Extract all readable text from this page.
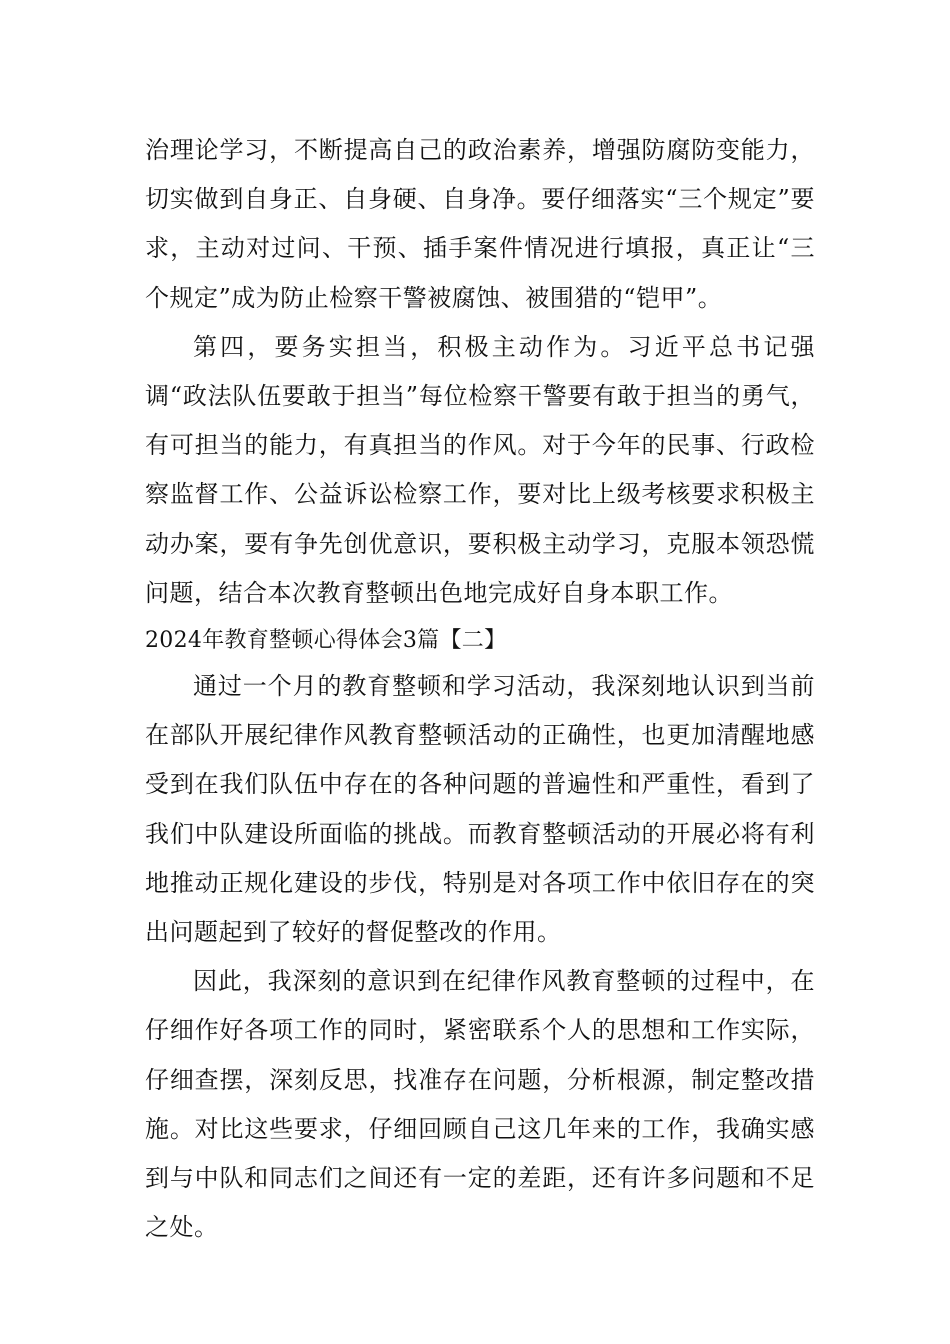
治理论学习，不断提高自己的政治素养，增强防腐防变能力，切实做到自身正、自身硬、自身净。要仔细落实“三个规定”要求，主动对过问、干预、插手案件情况进行填报，真正让“三个规定”成为防止检察干警被腐蚀、被围猎的“铠甲”。

第四，要务实担当，积极主动作为。习近平总书记强调“政法队伍要敢于担当”每位检察干警要有敢于担当的勇气，有可担当的能力，有真担当的作风。对于今年的民事、行政检察监督工作、公益诉讼检察工作，要对比上级考核要求积极主动办案，要有争先创优意识，要积极主动学习，克服本领恐慌问题，结合本次教育整顿出色地完成好自身本职工作。

2024年教育整顿心得体会3篇【二】

通过一个月的教育整顿和学习活动，我深刻地认识到当前在部队开展纪律作风教育整顿活动的正确性，也更加清醒地感受到在我们队伍中存在的各种问题的普遍性和严重性，看到了我们中队建设所面临的挑战。而教育整顿活动的开展必将有利地推动正规化建设的步伐，特别是对各项工作中依旧存在的突出问题起到了较好的督促整改的作用。

因此，我深刻的意识到在纪律作风教育整顿的过程中，在仔细作好各项工作的同时，紧密联系个人的思想和工作实际，仔细查摆，深刻反思，找准存在问题，分析根源，制定整改措施。对比这些要求，仔细回顾自己这几年来的工作，我确实感到与中队和同志们之间还有一定的差距，还有许多问题和不足之处。
